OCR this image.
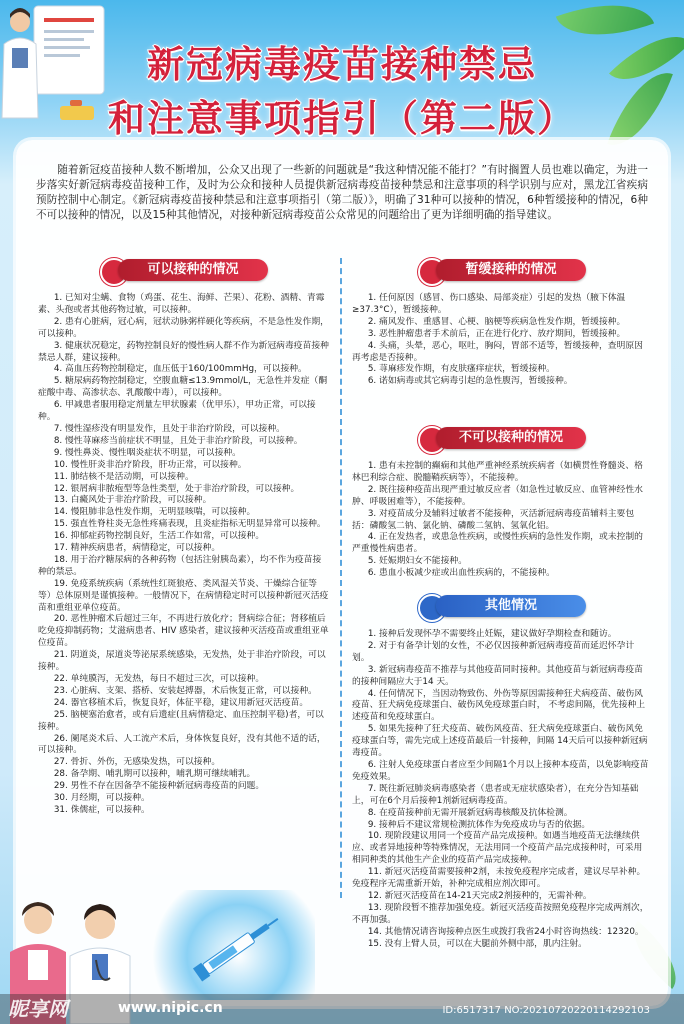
新冠病毒疫苗接种禁忌
和注意事项指引（第二版）
随着新冠疫苗接种人数不断增加，公众又出现了一些新的问题就是“我这种情况能不能打？”有时搁置人员也难以确定，为进一步落实好新冠病毒疫苗接种工作，及时为公众和接种人员提供新冠病毒疫苗接种禁忌和注意事项的科学识别与应对，黑龙江省疾病预防控制中心制定。《新冠病毒疫苗接种禁忌和注意事项指引（第二版）》，明确了31种可以接种的情况，6种暂缓接种的情况，6种不可以接种的情况，以及15种其他情况，对接种新冠病毒疫苗公众常见的问题给出了更为详细明确的指导建议。
可以接种的情况	暂缓接种的情况
不可以接种的情况
其他情况

1. 已知对尘螨、食物（鸡蛋、花生、海鲜、芒果）、花粉、酒精、青霉素、头孢或者其他药物过敏，可以接种。

2. 患有心脏病，冠心病，冠状动脉粥样硬化等疾病，不是急性发作期，可以接种。

3. 健康状况稳定，药物控制良好的慢性病人群不作为新冠病毒疫苗接种禁忌人群，建议接种。

4. 高血压药物控制稳定，血压低于160/100mmHg，可以接种。

5. 糖尿病药物控制稳定，空腹血糖≤13.9mmol/L，无急性并发症（酮症酸中毒、高渗状态、乳酸酸中毒），可以接种。

6. 甲减患者服用稳定剂量左甲状腺素（优甲乐），甲功正常，可以接种。

7. 慢性湿疹没有明显发作，且处于非治疗阶段，可以接种。

8. 慢性荨麻疹当前症状不明显，且处于非治疗阶段，可以接种。

9. 慢性鼻炎、慢性咽炎症状不明显，可以接种。

10. 慢性肝炎非治疗阶段，肝功正常，可以接种。

11. 肺结核不是活动期，可以接种。

12. 银屑病非脓疱型等急性类型，处于非治疗阶段，可以接种。

13. 白癜风处于非治疗阶段，可以接种。

14. 慢阻肺非急性发作期，无明显咳喘，可以接种。

15. 强直性脊柱炎无急性疼痛表现，且炎症指标无明显异常可以接种。

16. 抑郁症药物控制良好，生活工作如常，可以接种。

17. 精神疾病患者，病情稳定，可以接种。

18. 用于治疗糖尿病的各种药物（包括注射胰岛素），均不作为疫苗接种的禁忌。

19. 免疫系统疾病（系统性红斑狼疮、类风湿关节炎、干燥综合征等等）总体原则是谨慎接种。一般情况下，在病情稳定时可以接种新冠灭活疫苗和重组亚单位疫苗。

20. 恶性肿瘤术后超过三年，不再进行放化疗；肾病综合征；肾移植后吃免疫抑制药物；艾滋病患者、HIV 感染者，建议接种灭活疫苗或重组亚单位疫苗。

21. 阴道炎，尿道炎等泌尿系统感染，无发热，处于非治疗阶段，可以接种。

22. 单纯膜泻，无发热，每日不超过三次，可以接种。

23. 心脏病、支架、搭桥、安装起搏器，术后恢复正常，可以接种。

24. 器官移植术后，恢复良好，体征平稳，建议用新冠灭活疫苗。

25. 脑梗塞治愈者，或有后遗症(且病情稳定、血压控制平稳)者，可以接种。

26. 阑尾炎术后、人工流产术后，身体恢复良好，没有其他不适的话，可以接种。

27. 骨折、外伤，无感染发热，可以接种。

28. 备孕期、哺乳期可以接种，哺乳期可继续哺乳。

29. 男性不存在因备孕不能接种新冠病毒疫苗的问题。

30. 月经期，可以接种。

31. 侏儒症，可以接种。

1. 任何原因（感冒、伤口感染、局部炎症）引起的发热（腋下体温≥37.3°C），暂缓接种。

2. 痛风发作、重感冒、心梗、脑梗等疾病急性发作期，暂缓接种。

3. 恶性肿瘤患者手术前后，正在进行化疗、放疗期间，暂缓接种。

4. 头痛，头晕，恶心，呕吐，胸闷，胃部不适等，暂缓接种，查明原因再考虑是否接种。

5. 荨麻疹发作期，有皮肤瘙痒症状，暂缓接种。

6. 诺如病毒或其它病毒引起的急性腹泻，暂缓接种。

1. 患有未控制的癫痫和其他严重神经系统疾病者（如横贯性脊髓炎、格林巴利综合症、脱髓鞘疾病等），不能接种。

2. 既往接种疫苗出现严重过敏反应者（如急性过敏反应、血管神经性水肿、呼吸困难等），不能接种。

3. 对疫苗成分及辅料过敏者不能接种，灭活新冠病毒疫苗辅料主要包括：磷酸氢二钠、氯化钠、磷酸二氢钠、氢氧化铝。

4. 正在发热者，或患急性疾病，或慢性疾病的急性发作期，或未控制的严重慢性病患者。

5. 妊娠期妇女不能接种。

6. 患血小板减少症或出血性疾病的，不能接种。

1. 接种后发现怀孕不需要终止妊娠，建议做好孕期检查和随访。

2. 对于有备孕计划的女性，不必仅因接种新冠病毒疫苗而延迟怀孕计划。

3. 新冠病毒疫苗不推荐与其他疫苗同时接种。其他疫苗与新冠病毒疫苗的接种间隔应大于14 天。

4. 任何情况下，当因动物致伤、外伤等原因需接种狂犬病疫苗、破伤风疫苗、狂犬病免疫球蛋白、破伤风免疫球蛋白时， 不考虑间隔，优先接种上述疫苗和免疫球蛋白。

5. 如果先接种了狂犬疫苗、破伤风疫苗、狂犬病免疫球蛋白、破伤风免疫球蛋白等，需先完成上述疫苗最后一针接种，间隔 14天后可以接种新冠病毒疫苗。

6. 注射人免疫球蛋白者应至少间隔1个月以上接种本疫苗，以免影响疫苗免疫效果。

7. 既往新冠肺炎病毒感染者（患者或无症状感染者），在充分告知基础上，可在6个月后接种1剂新冠病毒疫苗。

8. 在疫苗接种前无需开展新冠病毒核酸及抗体检测。

9. 接种后不建议常规检测抗体作为免疫成功与否的依据。

10. 现阶段建议用同一个疫苗产品完成接种。如遇当地疫苗无法继续供应、或者异地接种等特殊情况，无法用同一个疫苗产品完成接种时，可采用相同种类的其他生产企业的疫苗产品完成接种。

11. 新冠灭活疫苗需要接种2剂，未按免疫程序完成者，建议尽早补种。免疫程序无需重新开始，补种完成相应剂次即可。

12. 新冠灭活疫苗在14-21天完成2剂接种的，无需补种。

13. 现阶段暂不推荐加强免疫。新冠灭活疫苗按照免疫程序完成两剂次，不再加强。

14. 其他情况请咨询接种点医生或拨打我省24小时咨询热线：12320。

15. 没有上臂人员，可以在大腿前外侧中部，肌内注射。

昵享网	www.nipic.cn	ID:6517317 NO:20210720220114292103
